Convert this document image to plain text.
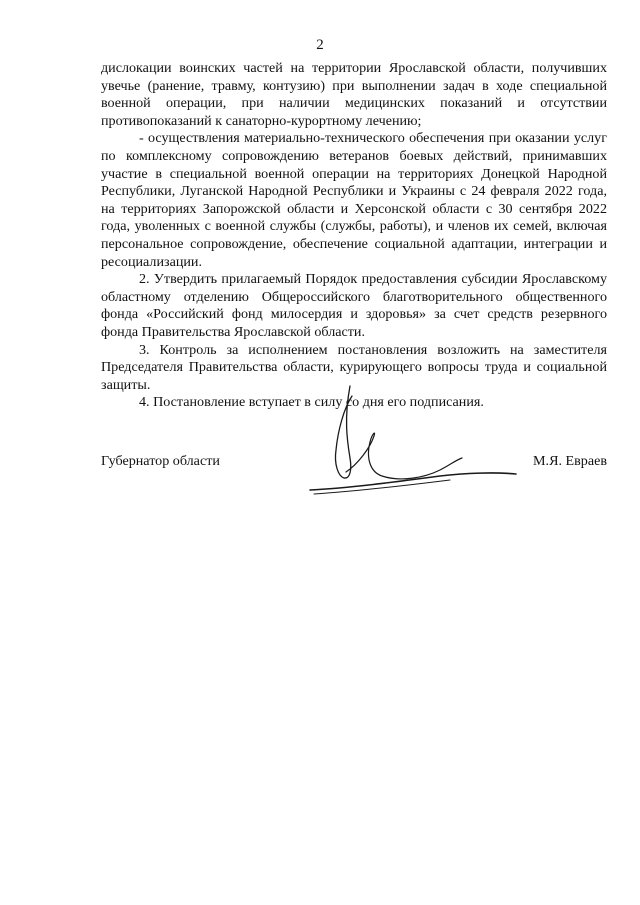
2

дислокации воинских частей на территории Ярославской области, получивших увечье (ранение, травму, контузию) при выполнении задач в ходе специальной военной операции, при наличии медицинских показаний и отсутствии противопоказаний к санаторно-курортному лечению;

- осуществления материально-технического обеспечения при оказании услуг по комплексному сопровождению ветеранов боевых действий, принимавших участие в специальной военной операции на территориях Донецкой Народной Республики, Луганской Народной Республики и Украины с 24 февраля 2022 года, на территориях Запорожской области и Херсонской области с 30 сентября 2022 года, уволенных с военной службы (службы, работы), и членов их семей, включая персональное сопровождение, обеспечение социальной адаптации, интеграции и ресоциализации.

2. Утвердить прилагаемый Порядок предоставления субсидии Ярославскому областному отделению Общероссийского благотворительного общественного фонда «Российский фонд милосердия и здоровья» за счет средств резервного фонда Правительства Ярославской области.

3. Контроль за исполнением постановления возложить на заместителя Председателя Правительства области, курирующего вопросы труда и социальной защиты.

4. Постановление вступает в силу со дня его подписания.

Губернатор области	М.Я. Евраев
